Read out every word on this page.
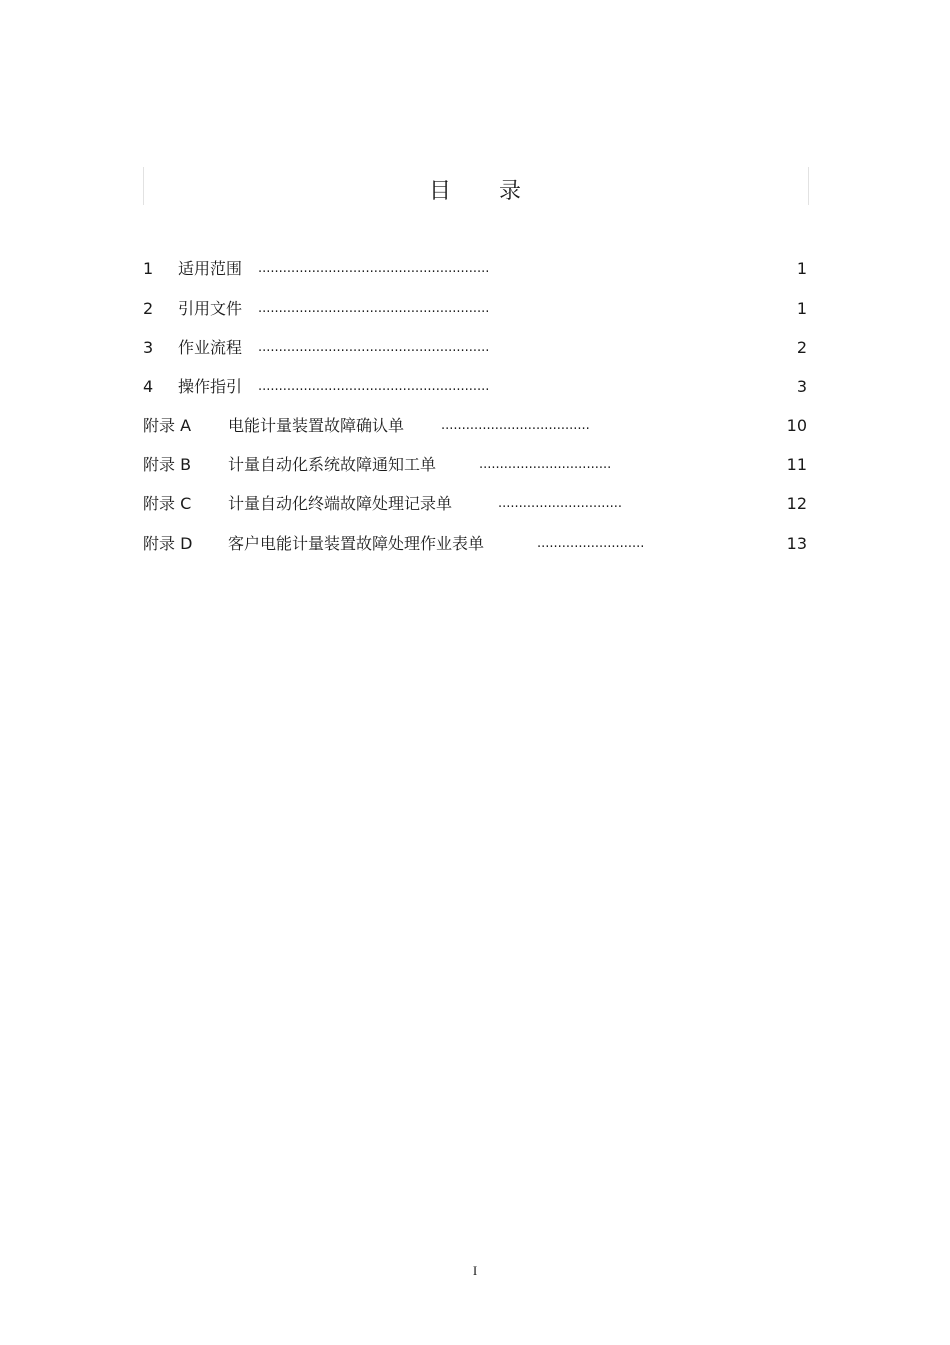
目录
1 适用范围 ........................................................	1
2 引用文件 ........................................................	1
3 作业流程 ........................................................	2
4 操作指引 ........................................................	3
附录 A 电能计量装置故障确认单	....................................	10
附录 B 计量自动化系统故障通知工单	................................	11
附录 C 计量自动化终端故障处理记录单	..............................	12
附录 D 客户电能计量装置故障处理作业表单	..........................	13
I
